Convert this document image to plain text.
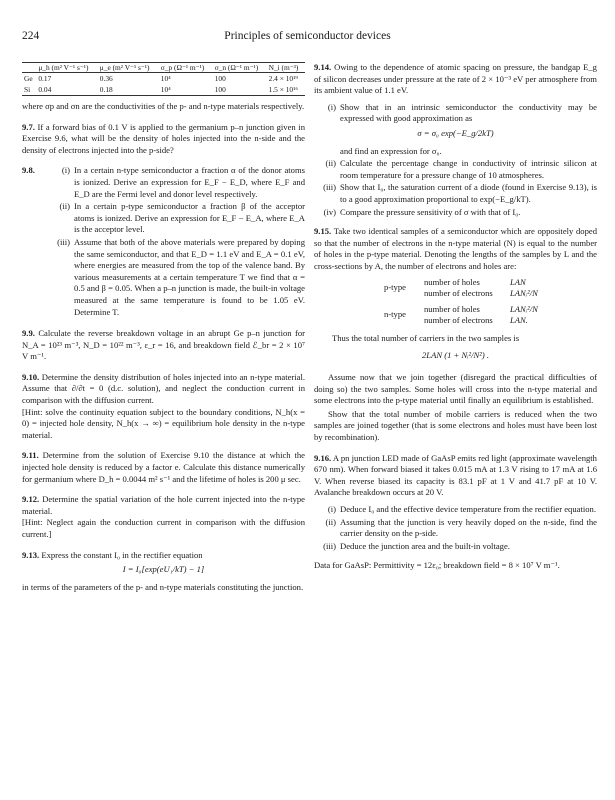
224	Principles of semiconductor devices
	μ_h (m² V⁻¹ s⁻¹)	μ_e (m² V⁻¹ s⁻¹)	σ_p (Ω⁻¹ m⁻¹)	σ_n (Ω⁻¹ m⁻¹)	N_i (m⁻³)
Ge	0.17	0.36	10⁴	100	2.4 × 10¹⁹
Si	0.04	0.18	10⁴	100	1.5 × 10¹⁶

where σp and σn are the conductivities of the p- and n-type materials respectively.

9.7. If a forward bias of 0.1 V is applied to the germanium p–n junction given in Exercise 9.6, what will be the density of holes injected into the n-side and the density of electrons injected into the p-side?

9.8.	(i) In a certain n-type semiconductor a fraction α of the donor atoms is ionized. Derive an expression for E_F − E_D, where E_F and E_D are the Fermi level and donor level respectively.
(ii) In a certain p-type semiconductor a fraction β of the acceptor atoms is ionized. Derive an expression for E_F − E_A, where E_A is the acceptor level.
(iii) Assume that both of the above materials were prepared by doping the same semiconductor, and that E_D = 1.1 eV and E_A = 0.1 eV, where energies are measured from the top of the valence band. By various measurements at a certain temperature T we find that α = 0.5 and β = 0.05. When a p–n junction is made, the built-in voltage measured at the same temperature is found to be 1.05 eV. Determine T.

9.9. Calculate the reverse breakdown voltage in an abrupt Ge p–n junction for N_A = 10²³ m⁻³, N_D = 10²² m⁻³, ε_r = 16, and breakdown field ℰ_br = 2 × 10⁷ V m⁻¹.

9.10. Determine the density distribution of holes injected into an n-type material. Assume that ∂/∂t = 0 (d.c. solution), and neglect the conduction current in comparison with the diffusion current.

[Hint: solve the continuity equation subject to the boundary conditions, N_h(x = 0) = injected hole density, N_h(x → ∞) = equilibrium hole density in the n-type material.

9.11. Determine from the solution of Exercise 9.10 the distance at which the injected hole density is reduced by a factor e. Calculate this distance numerically for germanium where D_h = 0.0044 m² s⁻¹ and the lifetime of holes is 200 μ sec.

9.12. Determine the spatial variation of the hole current injected into the n-type material.

[Hint: Neglect again the conduction current in comparison with the diffusion current.]

9.13. Express the constant I₀ in the rectifier equation

I = I₀[exp(eU₁/kT) − 1]

in terms of the parameters of the p- and n-type materials constituting the junction.

9.14. Owing to the dependence of atomic spacing on pressure, the bandgap E_g of silicon decreases under pressure at the rate of 2 × 10⁻³ eV per atmosphere from its ambient value of 1.1 eV.

(i) Show that in an intrinsic semiconductor the conductivity may be expressed with good approximation as
σ = σ₀ exp(−E_g/2kT)
and find an expression for σ₀.
(ii) Calculate the percentage change in conductivity of intrinsic silicon at room temperature for a pressure change of 10 atmospheres.
(iii) Show that I₀, the saturation current of a diode (found in Exercise 9.13), is to a good approximation proportional to exp(−E_g/kT).
(iv) Compare the pressure sensitivity of σ with that of I₀.

9.15. Take two identical samples of a semiconductor which are oppositely doped so that the number of electrons in the n-type material (N) is equal to the number of holes in the p-type material. Denoting the lengths of the samples by L and the cross-sections by A, the number of electrons and holes are:

p-type
number of holes	LAN
number of electrons	LANᵢ²/N
n-type
number of holes	LANᵢ²/N
number of electrons	LAN.

Thus the total number of carriers in the two samples is

2LAN (1 + Nᵢ²/N²) .

Assume now that we join together (disregard the practical difficulties of doing so) the two samples. Some holes will cross into the n-type material and some electrons into the p-type material until finally an equilibrium is established.

Show that the total number of mobile carriers is reduced when the two samples are joined together (that is some electrons and holes must have been lost by recombination).

9.16. A pn junction LED made of GaAsP emits red light (approximate wavelength 670 nm). When forward biased it takes 0.015 mA at 1.3 V rising to 17 mA at 1.6 V. When reverse biased its capacity is 83.1 pF at 1 V and 41.7 pF at 10 V. Avalanche breakdown occurs at 20 V.

(i) Deduce I₀ and the effective device temperature from the rectifier equation.
(ii) Assuming that the junction is very heavily doped on the n-side, find the carrier density on the p-side.
(iii) Deduce the junction area and the built-in voltage.

Data for GaAsP: Permittivity = 12ε₀; breakdown field = 8 × 10⁷ V m⁻¹.
